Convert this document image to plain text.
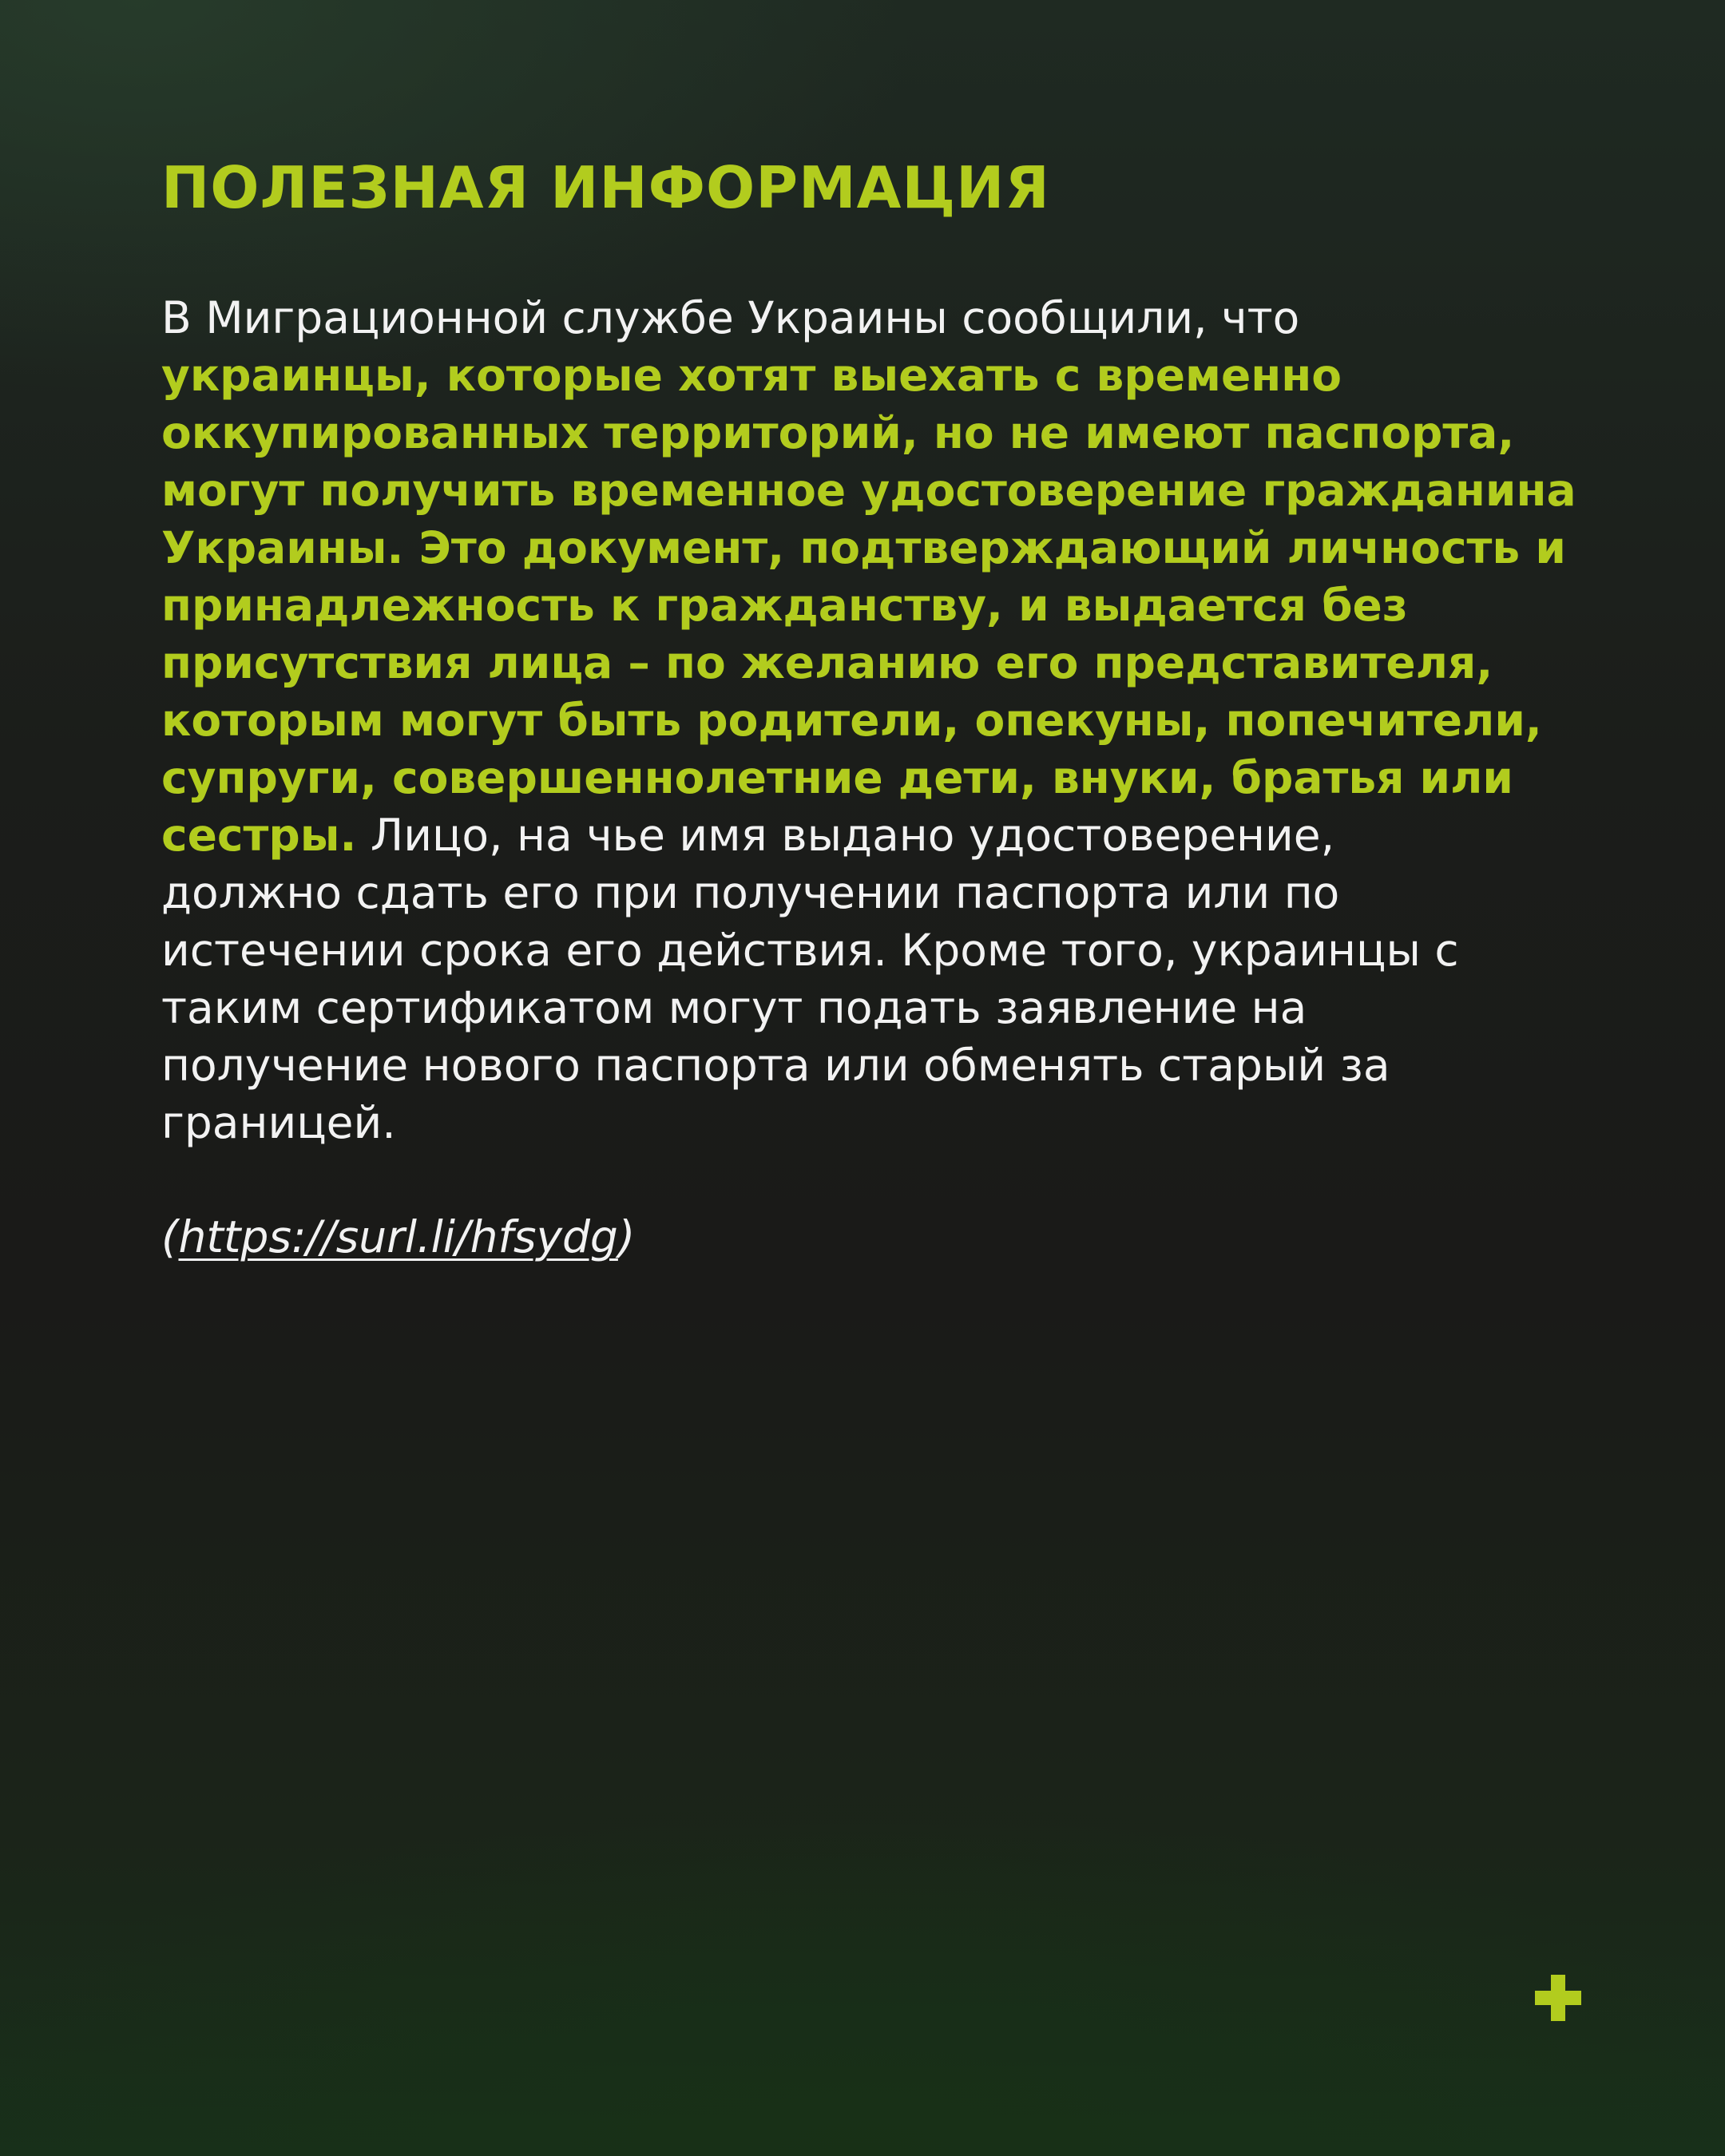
ПОЛЕЗНАЯ ИНФОРМАЦИЯ

В Миграционной службе Украины сообщили, что
украинцы, которые хотят выехать с временно
оккупированных территорий, но не имеют паспорта,
могут получить временное удостоверение гражданина
Украины. Это документ, подтверждающий личность и
принадлежность к гражданству, и выдается без
присутствия лица – по желанию его представителя,
которым могут быть родители, опекуны, попечители,
супруги, совершеннолетние дети, внуки, братья или
сестры. Лицо, на чье имя выдано удостоверение,
должно сдать его при получении паспорта или по
истечении срока его действия. Кроме того, украинцы с
таким сертификатом могут подать заявление на
получение нового паспорта или обменять старый за
границей.

(https://surl.li/hfsydg)
